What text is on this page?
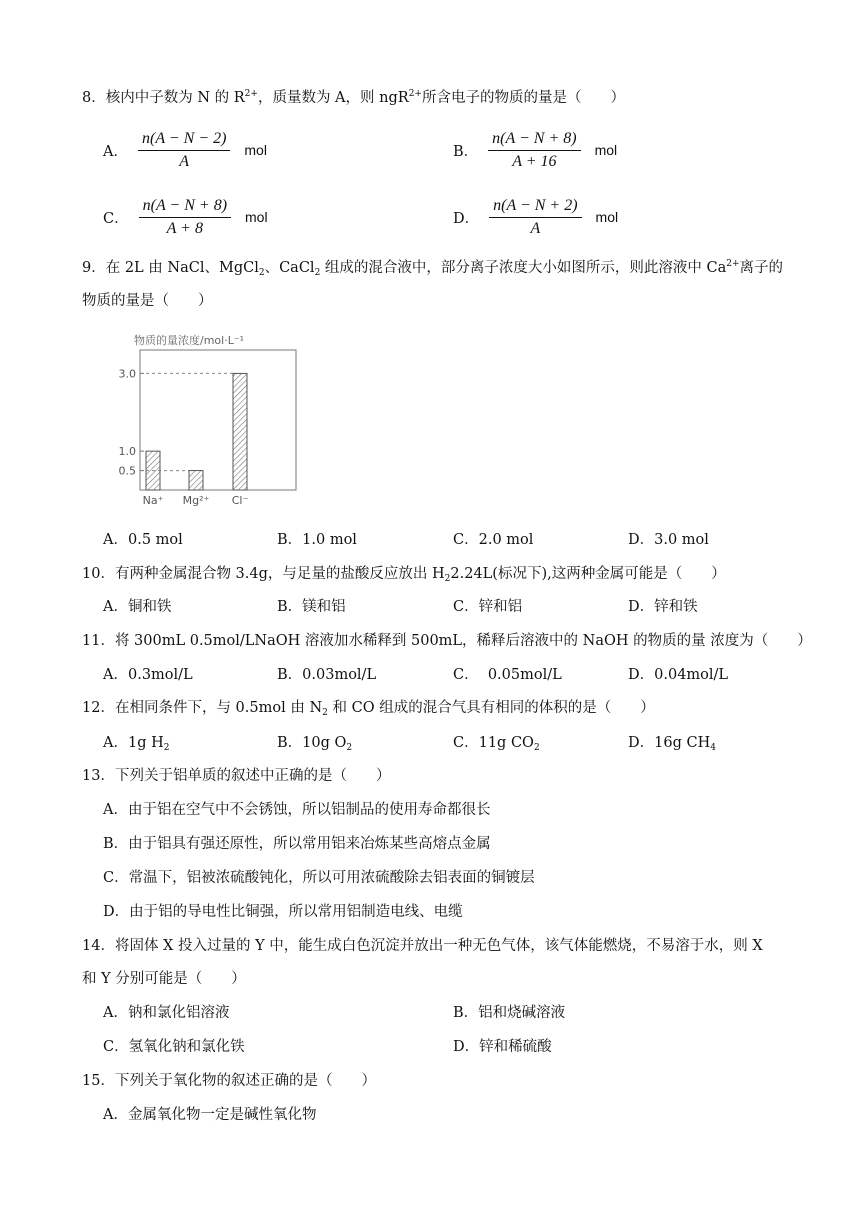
8．核内中子数为 N 的 $R^{2+}$，质量数为 A，则 ngR$^{2+}$所含电子的物质的量是（　　）
A． $\frac{n(A - N - 2)}{A}$ mol	B． $\frac{n(A - N + 8)}{A + 16}$ mol
C． $\frac{n(A - N + 8)}{A + 8}$ mol	D． $\frac{n(A - N + 2)}{A}$ mol
9．在 2L 由 NaCl、MgCl$_2$、CaCl$_2$ 组成的混合液中，部分离子浓度大小如图所示，则此溶液中 $Ca^{2+}$离子的
物质的量是（　　）
物质的量浓度/mol·L⁻¹
0.5
1.0
3.0
Na⁺ Mg²⁺ Cl⁻
A．0.5 mol	B．1.0 mol	C．2.0 mol	D．3.0 mol
10．有两种金属混合物 3.4g，与足量的盐酸反应放出 $H_22.24L$(标况下),这两种金属可能是（　　）
A．铜和铁	B．镁和铝	C．锌和铝	D．锌和铁
11．将 300mL 0.5mol/LNaOH 溶液加水稀释到 500mL，稀释后溶液中的 NaOH 的物质的量 浓度为（　　）
A．0.3mol/L	B．0.03mol/L	C．  0.05mol/L	D．0.04mol/L
12．在相同条件下，与 0.5mol 由 $N_2$ 和 CO 组成的混合气具有相同的体积的是（　　）
A．1g $H_2$	B．10g $O_2$	C．11g $CO_2$	D．16g $CH_4$
13．下列关于铝单质的叙述中正确的是（　　）
A．由于铝在空气中不会锈蚀，所以铝制品的使用寿命都很长
B．由于铝具有强还原性，所以常用铝来冶炼某些高熔点金属
C．常温下，铝被浓硫酸钝化，所以可用浓硫酸除去铝表面的铜镀层
D．由于铝的导电性比铜强，所以常用铝制造电线、电缆
14．将固体 X 投入过量的 Y 中，能生成白色沉淀并放出一种无色气体，该气体能燃烧，不易溶于水，则 X
和 Y 分别可能是（　　）
A．钠和氯化铝溶液	B．铝和烧碱溶液
C．氢氧化钠和氯化铁	D．锌和稀硫酸
15．下列关于氧化物的叙述正确的是（　　）
A．金属氧化物一定是碱性氧化物
